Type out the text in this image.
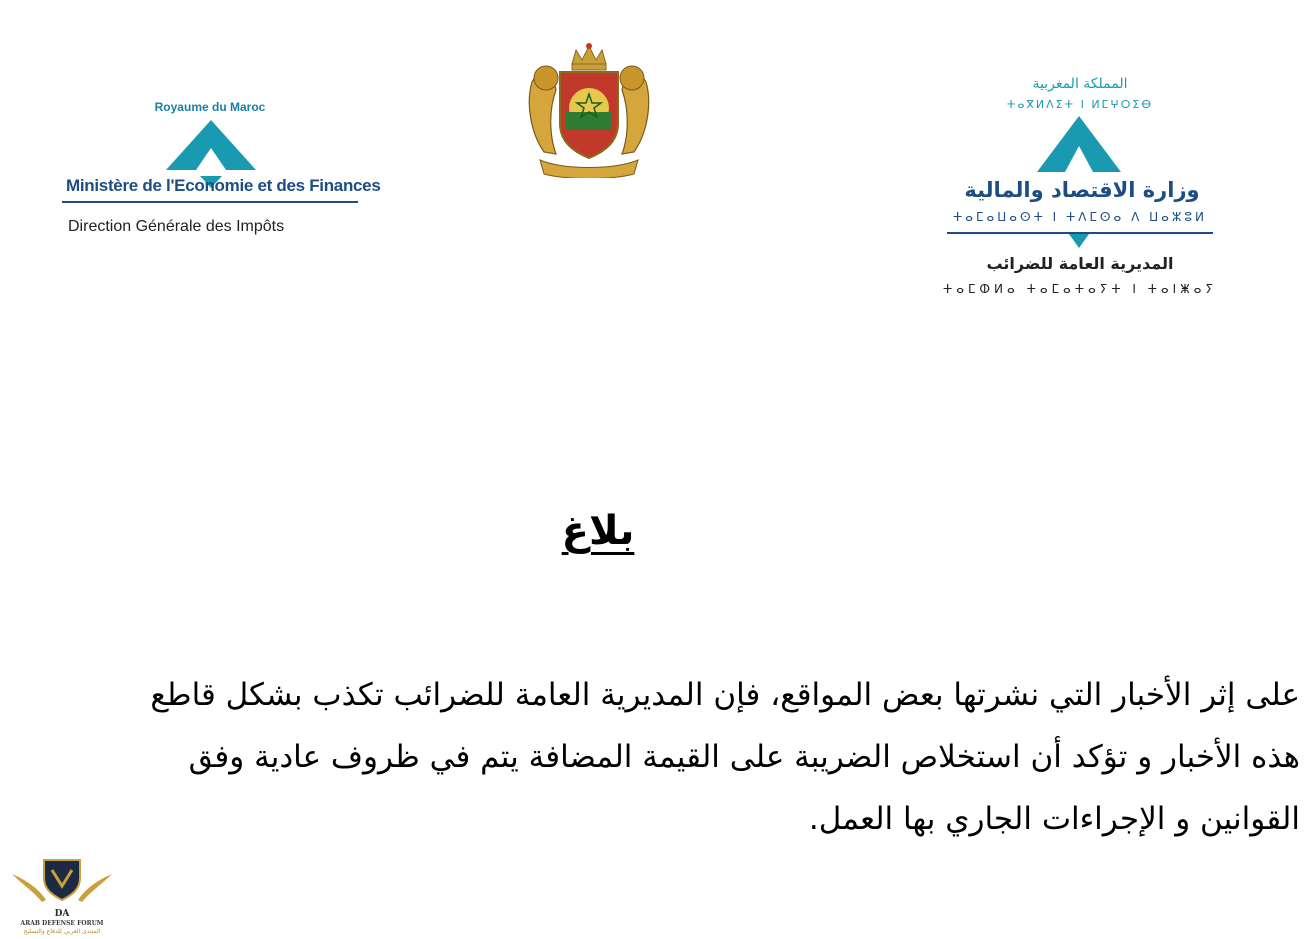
Royaume du Maroc
Ministère de l'Economie et des Finances
Direction Générale des Impôts
المملكة المغربية
ⵜⴰⴳⵍⴷⵉⵜ ⵏ ⵍⵎⵖⵔⵉⴱ
وزارة الاقتصاد والمالية
ⵜⴰⵎⴰⵡⴰⵙⵜ ⵏ ⵜⴷⵎⵙⴰ ⴷ ⵡⴰⵣⵓⵍ
المديرية العامة للضرائب
ⵜⴰⵎⵀⵍⴰ ⵜⴰⵎⴰⵜⴰⵢⵜ ⵏ ⵜⴰⵏⵥⴰⵢ
بلاغ
على إثر الأخبار التي نشرتها بعض المواقع، فإن المديرية العامة للضرائب تكذب بشكل قاطع
هذه الأخبار و تؤكد أن استخلاص الضريبة على القيمة المضافة يتم في ظروف عادية وفق
القوانين و الإجراءات الجاري بها العمل.
DA
ARAB DEFENSE FORUM
المنتدى العربي للدفاع والتسليح
